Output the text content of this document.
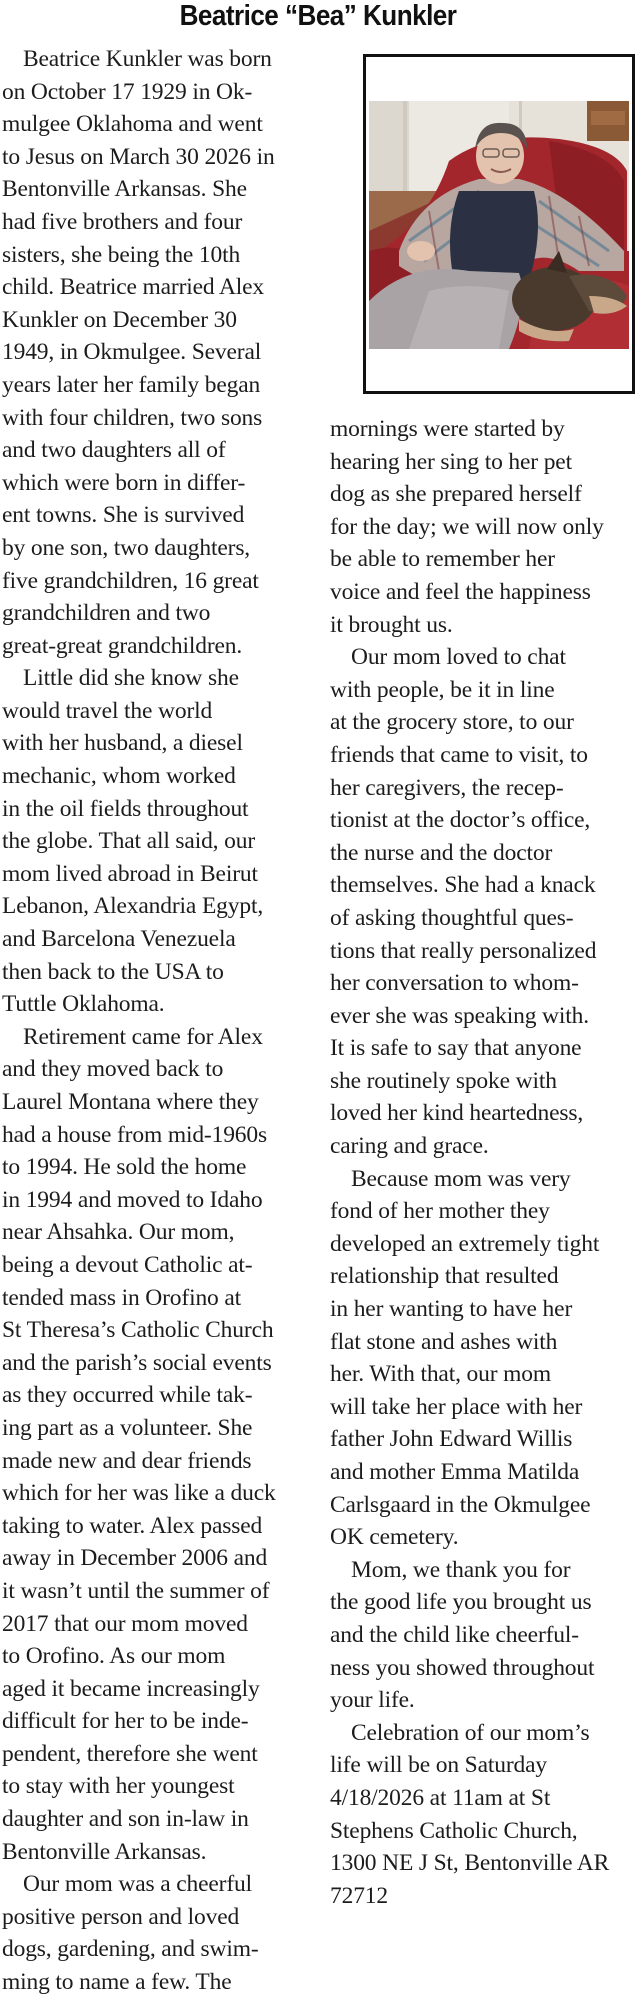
Beatrice “Bea” Kunkler
Beatrice Kunkler was born
on October 17 1929 in Ok-
mulgee Oklahoma and went
to Jesus on March 30 2026 in
Bentonville Arkansas. She
had five brothers and four
sisters, she being the 10th
child. Beatrice married Alex
Kunkler on December 30
1949, in Okmulgee. Several
years later her family began
with four children, two sons
and two daughters all of
which were born in differ-
ent towns. She is survived
by one son, two daughters,
five grandchildren, 16 great
grandchildren and two
great-great grandchildren.
Little did she know she
would travel the world
with her husband, a diesel
mechanic, whom worked
in the oil fields throughout
the globe. That all said, our
mom lived abroad in Beirut
Lebanon, Alexandria Egypt,
and Barcelona Venezuela
then back to the USA to
Tuttle Oklahoma.
Retirement came for Alex
and they moved back to
Laurel Montana where they
had a house from mid-1960s
to 1994. He sold the home
in 1994 and moved to Idaho
near Ahsahka. Our mom,
being a devout Catholic at-
tended mass in Orofino at
St Theresa’s Catholic Church
and the parish’s social events
as they occurred while tak-
ing part as a volunteer. She
made new and dear friends
which for her was like a duck
taking to water. Alex passed
away in December 2006 and
it wasn’t until the summer of
2017 that our mom moved
to Orofino. As our mom
aged it became increasingly
difficult for her to be inde-
pendent, therefore she went
to stay with her youngest
daughter and son in-law in
Bentonville Arkansas.
Our mom was a cheerful
positive person and loved
dogs, gardening, and swim-
ming to name a few. The
mornings were started by
hearing her sing to her pet
dog as she prepared herself
for the day; we will now only
be able to remember her
voice and feel the happiness
it brought us.
Our mom loved to chat
with people, be it in line
at the grocery store, to our
friends that came to visit, to
her caregivers, the recep-
tionist at the doctor’s office,
the nurse and the doctor
themselves. She had a knack
of asking thoughtful ques-
tions that really personalized
her conversation to whom-
ever she was speaking with.
It is safe to say that anyone
she routinely spoke with
loved her kind heartedness,
caring and grace.
Because mom was very
fond of her mother they
developed an extremely tight
relationship that resulted
in her wanting to have her
flat stone and ashes with
her. With that, our mom
will take her place with her
father John Edward Willis
and mother Emma Matilda
Carlsgaard in the Okmulgee
OK cemetery.
Mom, we thank you for
the good life you brought us
and the child like cheerful-
ness you showed throughout
your life.
Celebration of our mom’s
life will be on Saturday
4/18/2026 at 11am at St
Stephens Catholic Church,
1300 NE J St, Bentonville AR
72712
